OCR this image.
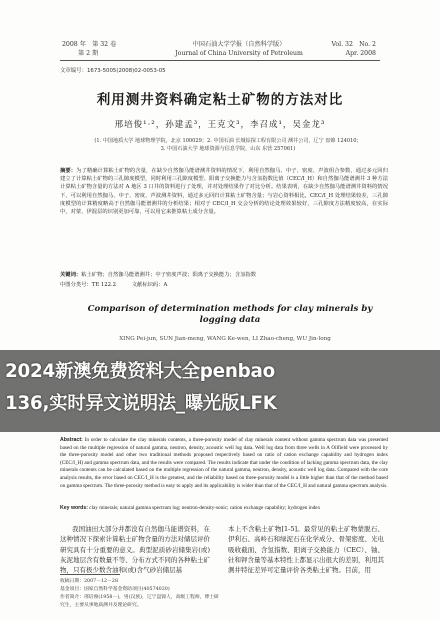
2008 年　第 32 卷
第 2 期
中国石油大学学报（自然科学版）
Journal of China University of Petroleum
Vol. 32　No. 2
Apr. 2008
文章编号：1673-5005(2008)02-0053-05
利用测井资料确定粘土矿物的方法对比
邢培俊¹·²，孙建孟³，王克文³，李召成¹，吴金龙³
(1. 中国地质大学 地球物理学院，北京 100029；2. 中国石油 长城钻探工程有限公司 测井公司，辽宁 盘锦 124010；
3. 中国石油大学 地球资源与信息学院，山东 东营 257061)
摘要：为了精确计算粘土矿物的含量，在缺少自然伽马能谱测井资料的情况下，利用自然伽马、中子、密度、声波组合参数，通过多元回归建立了计算粘土矿物的三孔隙度模型，同时利用三孔隙度模型、阳离子交换能力与含氢指数比值（CEC/I_H）和自然伽马能谱测井 3 种方法计算粘土矿物含量的方法对 A 地区 3 口井的资料进行了处理，并对处理结果作了对比分析。结果表明，在缺少自然伽马能谱测井资料的情况下，可以利用自然伽马、中子、密度、声波测井资料，通过多元回归计算粘土矿物含量；与岩心资料相比，CEC/I_H 处理结果较差，三孔隙度模型的计算精度略高于自然伽马能谱测井的分析结果；相对于 CEC/I_H 交会分析的结论处理效果较好，三孔隙度方法精度较高，在实际中，对蒙、伊混层的识别更加可靠，可以用它来推算粘土成分含量。
关键词：粘土矿物；自然伽马能谱测井；中子密度声波；阳离子交换能力；含氢指数
中图分类号：TE 122.2	文献标识码：A
Comparison of determination methods for clay minerals by logging data
XING Pei-jun, SUN Jian-meng, WANG Ke-wen, LI Zhao-cheng, WU Jin-long
Abstract: In order to calculate the clay minerals contents, a three-porosity model of clay minerals content without gamma spectrum data was presented based on the multiple regression of natural gamma, neutron, density, acoustic well log data. Well log data from three wells in A Oilfield were processed by the three-porosity model and other two traditional methods proposed respectively based on ratio of cation exchange capability and hydrogen index (CEC/I_H) and gamma spectrum data, and the results were compared. The results indicate that under the condition of lacking gamma spectrum data, the clay minerals contents can be calculated based on the multiple regression of the natural gamma, neutron, density, acoustic well log data. Compared with the core analysis results, the error based on CEC/I_H is the greatest, and the reliability based on three-porosity model is a little higher than that of the method based on gamma spectrum. The three-porosity method is easy to apply and its applicability is wider than that of the CEC/I_H and natural gamma spectrum analysis.
Key words: clay minerals; natural gamma spectrum log; neutron-density-sonic; cation exchange capability; hydrogen index
我国油田大部分井都没有自然伽马能谱资料，在这种情况下探索计算粘土矿物含量的方法对储层评价研究具有十分重要的意义。典型泥质砂岩储集岩(或)灰泥地层含有数量不等、分布方式不同的各种粘土矿物，只有极少数含油和(或)含气砂岩储层基
本上不含粘土矿物[1-5]。最常见的粘土矿物蒙脱石、伊利石、高岭石和绿泥石在化学成分、骨架密度、光电吸收截面、含氢指数、阳离子交换能力（CEC）、铀、钍和钾含量等基本特性上都显示出很大的差别，利用其测井特征差异可定量评价各类粘土矿物。目前，用
收稿日期：2007－12－28
基金项目：国家自然科学基金资助项目(40574020)
作者简介：邢培俊(1958－)，男(汉族)，辽宁盘锦人，高级工程师，博士研究生，主要从事地质测井及理论研究。
2024新澳免费资料大全penbao
136,实时异文说明法_曝光版LFK
